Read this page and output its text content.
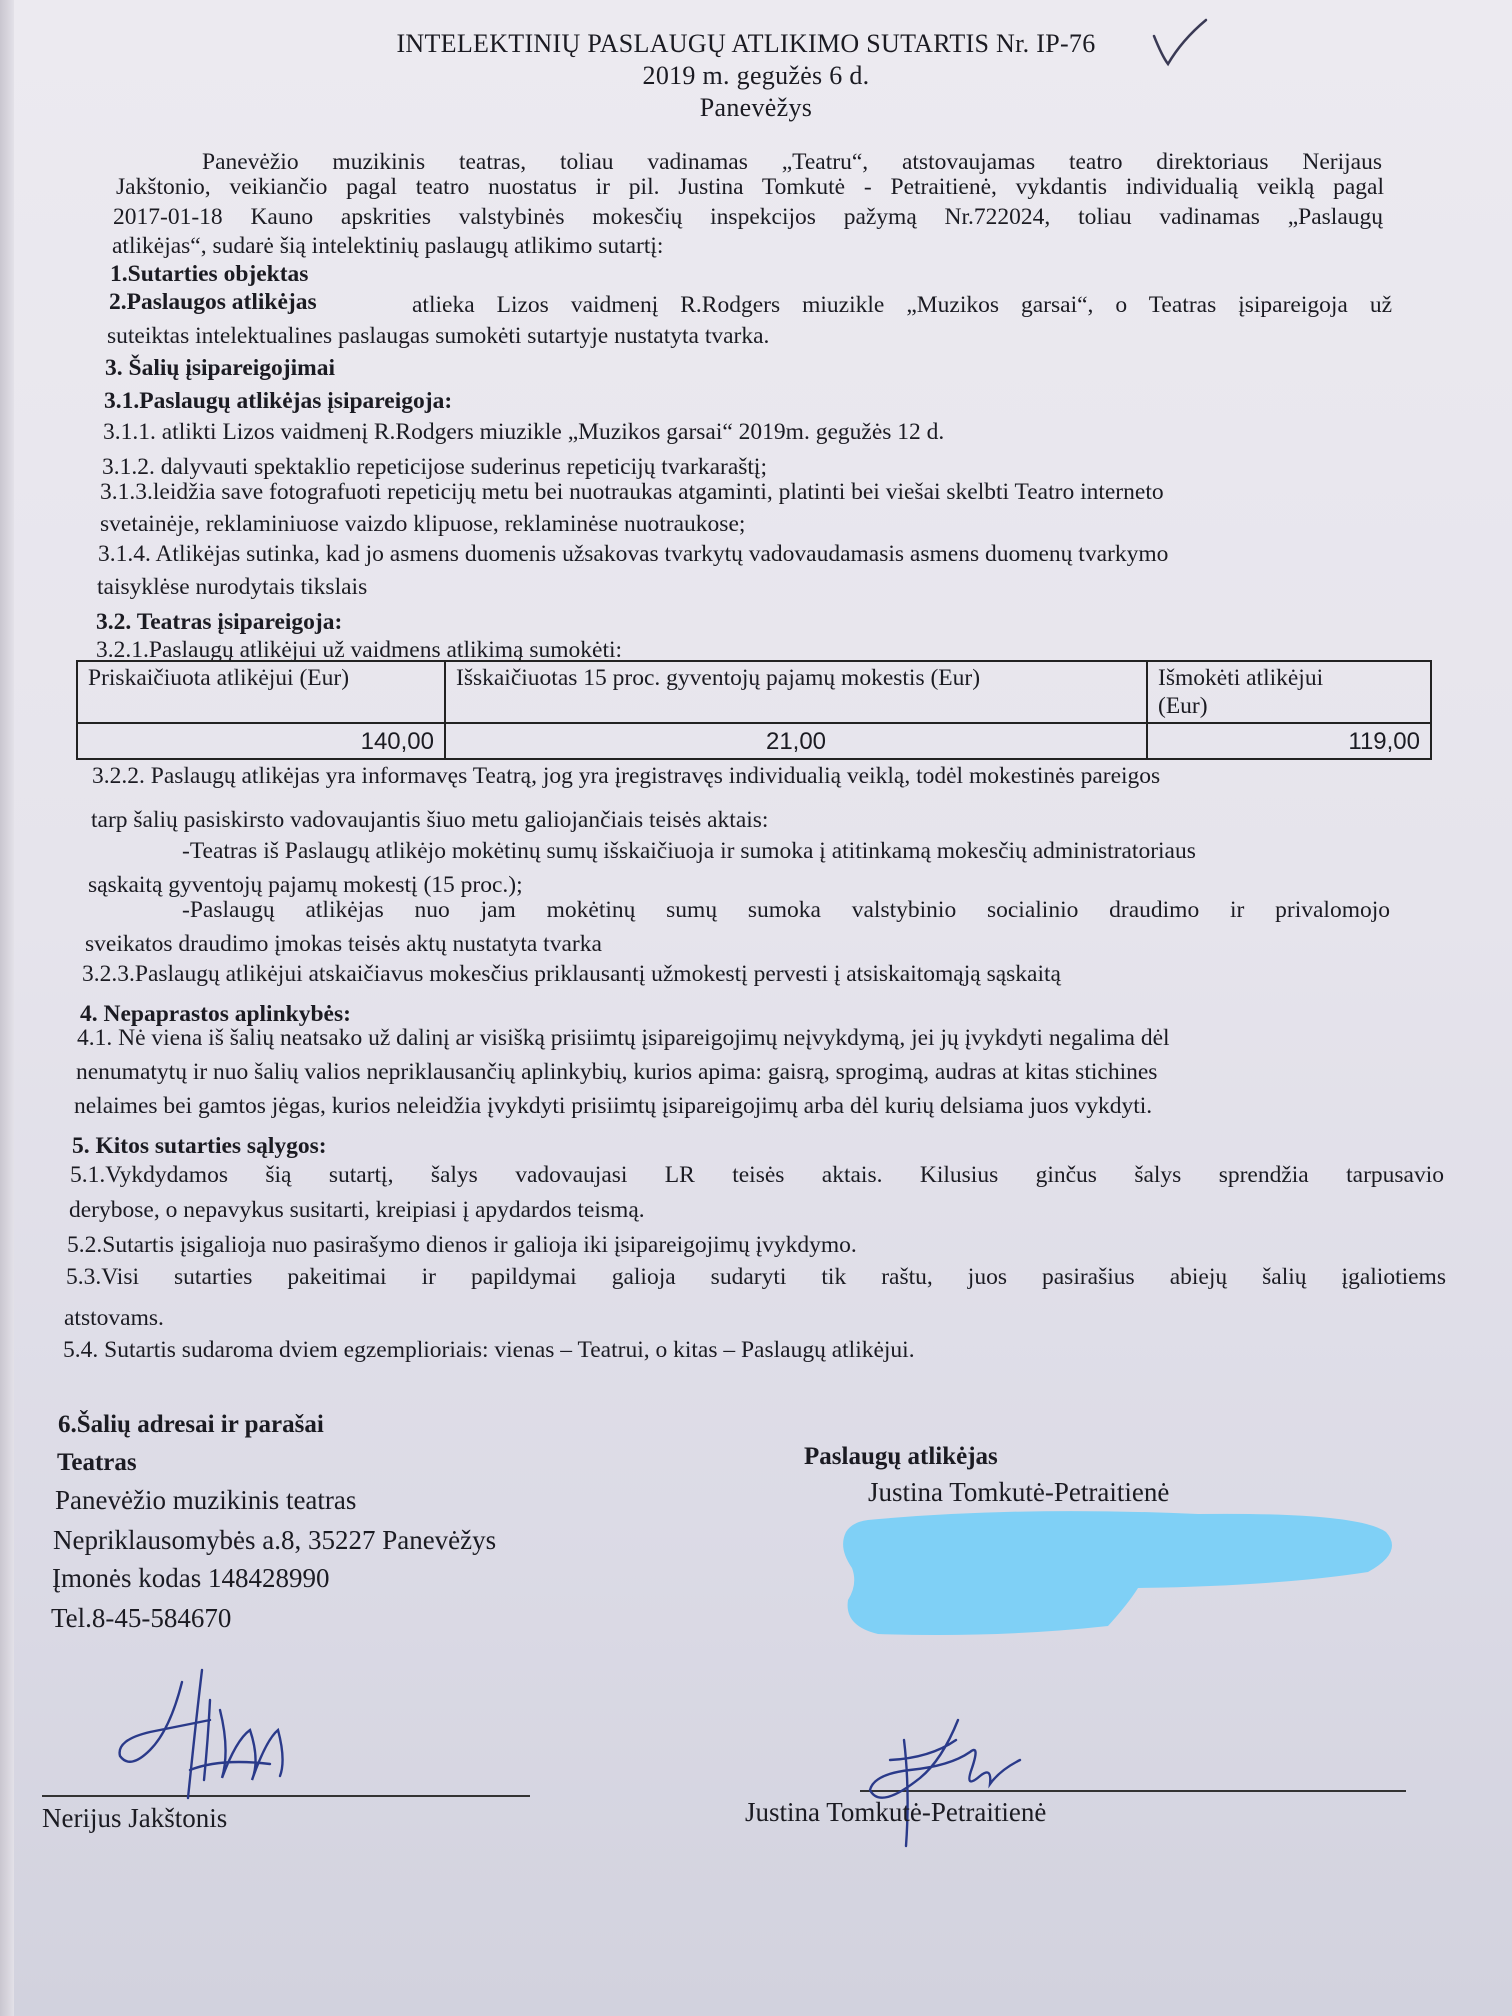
INTELEKTINIŲ PASLAUGŲ ATLIKIMO SUTARTIS Nr. IP-76
2019 m. gegužės 6 d.
Panevėžys
Panevėžio muzikinis teatras, toliau vadinamas „Teatru“, atstovaujamas teatro direktoriaus Nerijaus
Jakštonio, veikiančio pagal teatro nuostatus ir pil. Justina Tomkutė - Petraitienė, vykdantis individualią veiklą pagal
2017-01-18 Kauno apskrities valstybinės mokesčių inspekcijos pažymą Nr.722024, toliau vadinamas „Paslaugų
atlikėjas“, sudarė šią intelektinių paslaugų atlikimo sutartį:
1.Sutarties objektas
2.Paslaugos atlikėjas	atlieka Lizos vaidmenį R.Rodgers miuzikle „Muzikos garsai“, o Teatras įsipareigoja už
suteiktas intelektualines paslaugas sumokėti sutartyje nustatyta tvarka.
3. Šalių įsipareigojimai
3.1.Paslaugų atlikėjas įsipareigoja:
3.1.1. atlikti Lizos vaidmenį R.Rodgers miuzikle „Muzikos garsai“ 2019m. gegužės 12 d.
3.1.2. dalyvauti spektaklio repeticijose suderinus repeticijų tvarkaraštį;
3.1.3.leidžia save fotografuoti repeticijų metu bei nuotraukas atgaminti, platinti bei viešai skelbti Teatro interneto
svetainėje, reklaminiuose vaizdo klipuose, reklaminėse nuotraukose;
3.1.4. Atlikėjas sutinka, kad jo asmens duomenis užsakovas tvarkytų vadovaudamasis asmens duomenų tvarkymo
taisyklėse nurodytais tikslais
3.2. Teatras įsipareigoja:
3.2.1.Paslaugų atlikėjui už vaidmens atlikimą sumokėti:
Priskaičiuota atlikėjui (Eur)	Išskaičiuotas 15 proc. gyventojų pajamų mokestis (Eur)	Išmokėti atlikėjui
(Eur)
140,00	21,00	119,00
3.2.2. Paslaugų atlikėjas yra informavęs Teatrą, jog yra įregistravęs individualią veiklą, todėl mokestinės pareigos
tarp šalių pasiskirsto vadovaujantis šiuo metu galiojančiais teisės aktais:
-Teatras iš Paslaugų atlikėjo mokėtinų sumų išskaičiuoja ir sumoka į atitinkamą mokesčių administratoriaus
sąskaitą gyventojų pajamų mokestį (15 proc.);
-Paslaugų atlikėjas nuo jam mokėtinų sumų sumoka valstybinio socialinio draudimo ir privalomojo
sveikatos draudimo įmokas teisės aktų nustatyta tvarka
3.2.3.Paslaugų atlikėjui atskaičiavus mokesčius priklausantį užmokestį pervesti į atsiskaitomąją sąskaitą
4. Nepaprastos aplinkybės:
4.1. Nė viena iš šalių neatsako už dalinį ar visišką prisiimtų įsipareigojimų neįvykdymą, jei jų įvykdyti negalima dėl
nenumatytų ir nuo šalių valios nepriklausančių aplinkybių, kurios apima: gaisrą, sprogimą, audras at kitas stichines
nelaimes bei gamtos jėgas, kurios neleidžia įvykdyti prisiimtų įsipareigojimų arba dėl kurių delsiama juos vykdyti.
5. Kitos sutarties sąlygos:
5.1.Vykdydamos šią sutartį, šalys vadovaujasi LR teisės aktais. Kilusius ginčus šalys sprendžia tarpusavio
derybose, o nepavykus susitarti, kreipiasi į apydardos teismą.
5.2.Sutartis įsigalioja nuo pasirašymo dienos ir galioja iki įsipareigojimų įvykdymo.
5.3.Visi sutarties pakeitimai ir papildymai galioja sudaryti tik raštu, juos pasirašius abiejų šalių įgaliotiems
atstovams.
5.4. Sutartis sudaroma dviem egzemplioriais: vienas – Teatrui, o kitas – Paslaugų atlikėjui.
6.Šalių adresai ir parašai
Teatras
Panevėžio muzikinis teatras
Nepriklausomybės a.8, 35227 Panevėžys
Įmonės kodas 148428990
Tel.8-45-584670
Paslaugų atlikėjas
Justina Tomkutė-Petraitienė
Nerijus Jakštonis	Justina Tomkutė-Petraitienė
